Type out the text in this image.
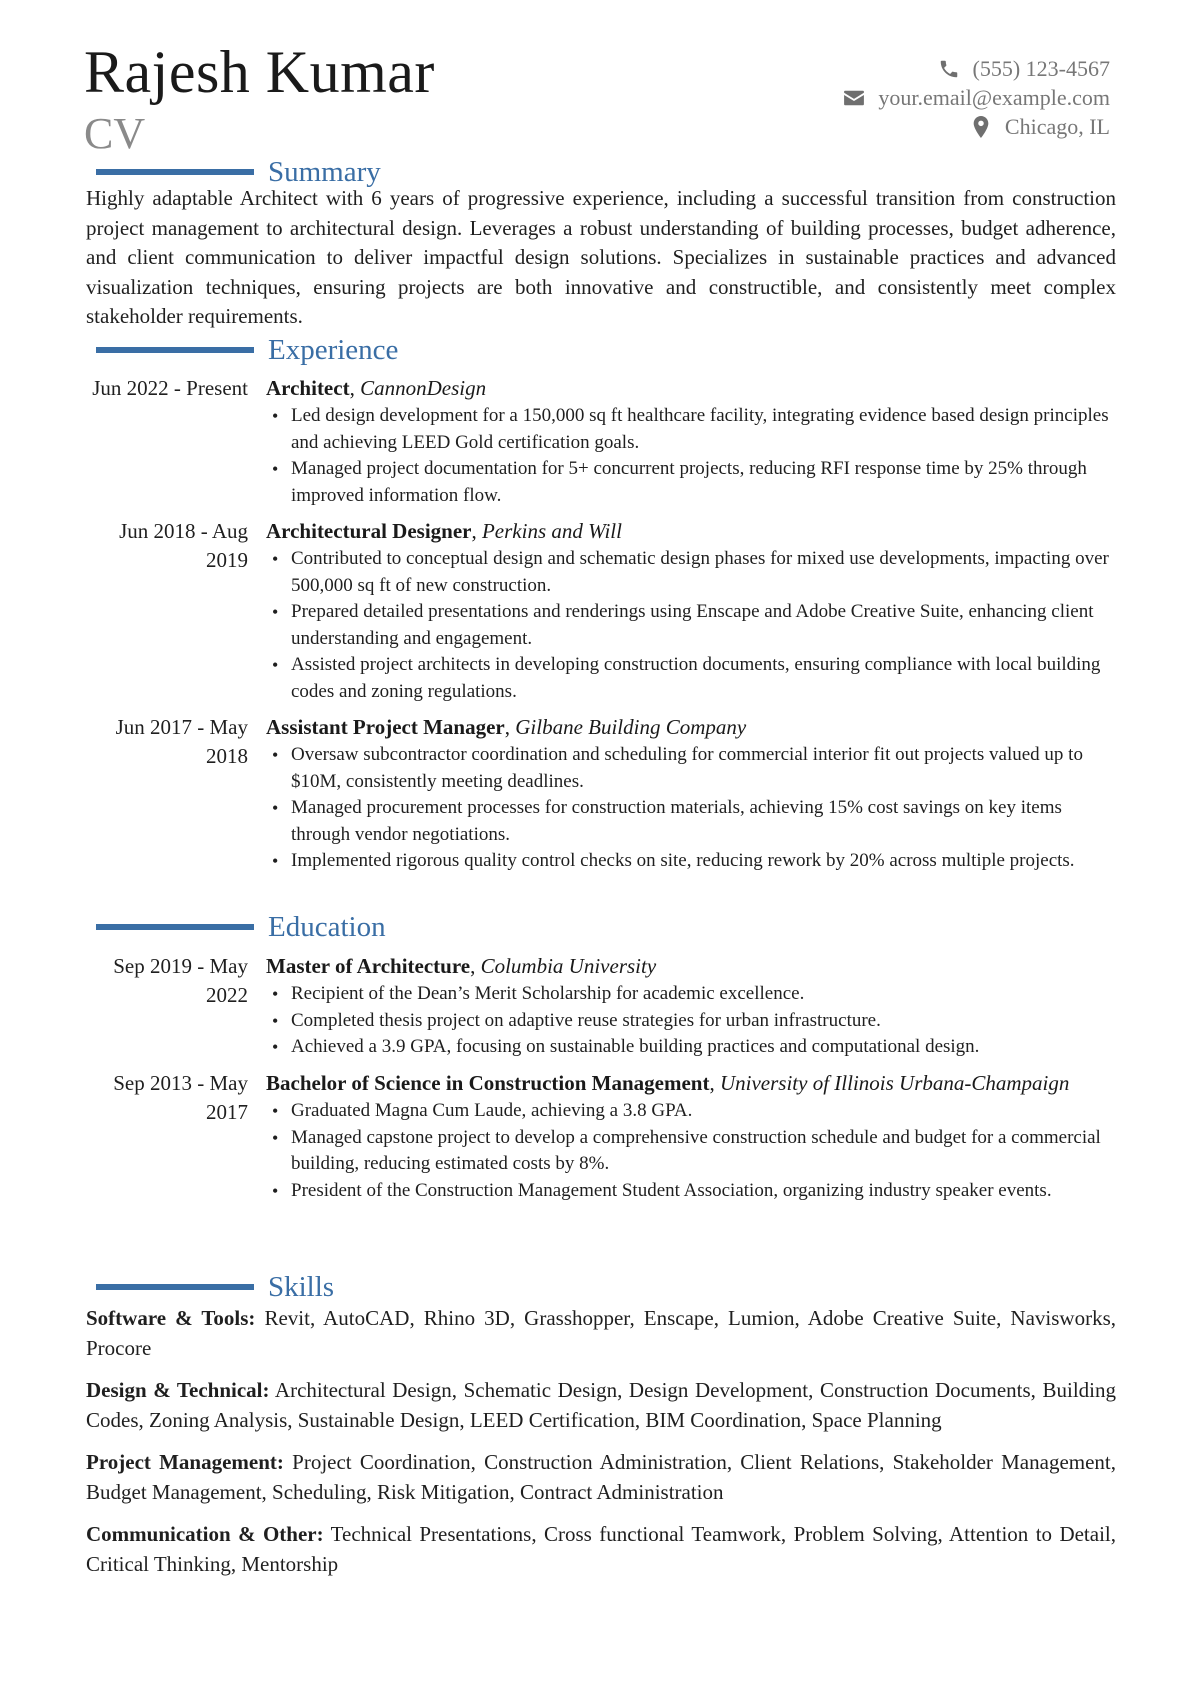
Rajesh Kumar
CV
(555) 123-4567
your.email@example.com
Chicago, IL
Summary
Highly adaptable Architect with 6 years of progressive experience, including a successful transition from construction project management to architectural design. Leverages a robust understanding of building processes, budget adherence, and client communication to deliver impactful design solutions. Specializes in sustainable practices and advanced visualization techniques, ensuring projects are both innovative and constructible, and consistently meet complex stakeholder requirements.
Experience
Jun 2022 - Present Architect, CannonDesign
• Led design development for a 150,000 sq ft healthcare facility, integrating evidence based design principles and achieving LEED Gold certification goals.
• Managed project documentation for 5+ concurrent projects, reducing RFI response time by 25% through improved information flow.
Jun 2018 - Aug 2019
Architectural Designer, Perkins and Will
• Contributed to conceptual design and schematic design phases for mixed use developments, impacting over 500,000 sq ft of new construction.
• Prepared detailed presentations and renderings using Enscape and Adobe Creative Suite, enhancing client understanding and engagement.
• Assisted project architects in developing construction documents, ensuring compliance with local building codes and zoning regulations.
Jun 2017 - May 2018
Assistant Project Manager, Gilbane Building Company
• Oversaw subcontractor coordination and scheduling for commercial interior fit out projects valued up to $10M, consistently meeting deadlines.
• Managed procurement processes for construction materials, achieving 15% cost savings on key items through vendor negotiations.
• Implemented rigorous quality control checks on site, reducing rework by 20% across multiple projects.
Education
Sep 2019 - May 2022
Master of Architecture, Columbia University
• Recipient of the Dean’s Merit Scholarship for academic excellence.
• Completed thesis project on adaptive reuse strategies for urban infrastructure.
• Achieved a 3.9 GPA, focusing on sustainable building practices and computational design.
Sep 2013 - May 2017
Bachelor of Science in Construction Management, University of Illinois Urbana-Champaign
• Graduated Magna Cum Laude, achieving a 3.8 GPA.
• Managed capstone project to develop a comprehensive construction schedule and budget for a commercial building, reducing estimated costs by 8%.
• President of the Construction Management Student Association, organizing industry speaker events.
Skills
Software & Tools: Revit, AutoCAD, Rhino 3D, Grasshopper, Enscape, Lumion, Adobe Creative Suite, Navisworks, Procore
Design & Technical: Architectural Design, Schematic Design, Design Development, Construction Documents, Building Codes, Zoning Analysis, Sustainable Design, LEED Certification, BIM Coordination, Space Planning
Project Management: Project Coordination, Construction Administration, Client Relations, Stakeholder Management, Budget Management, Scheduling, Risk Mitigation, Contract Administration
Communication & Other: Technical Presentations, Cross functional Teamwork, Problem Solving, Attention to Detail, Critical Thinking, Mentorship
